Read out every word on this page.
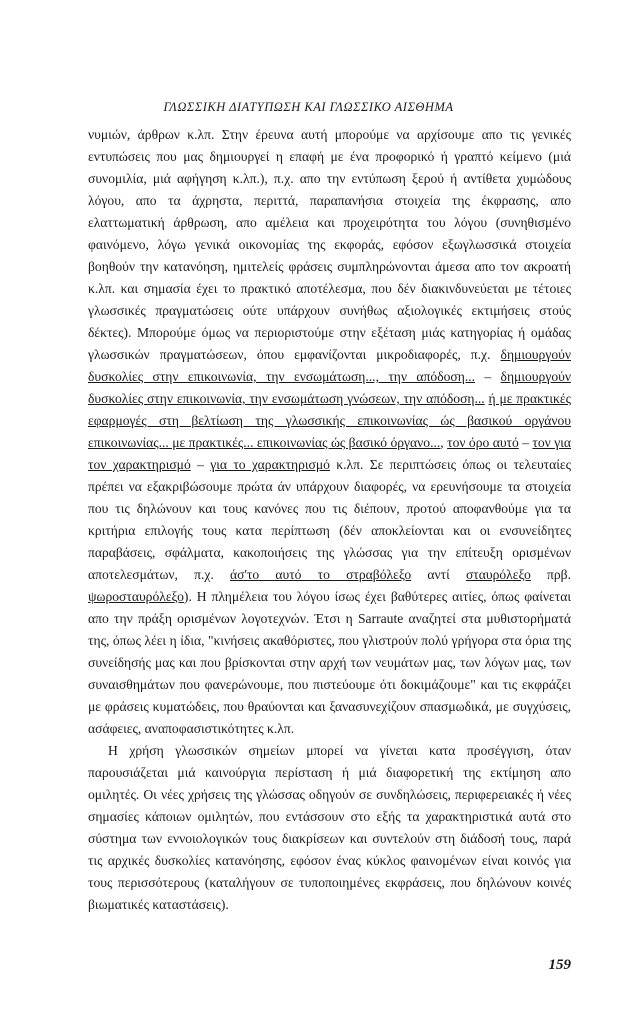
ΓΛΩΣΣΙΚΗ ΔΙΑΤΥΠΩΣΗ ΚΑΙ ΓΛΩΣΣΙΚΟ ΑΙΣΘΗΜΑ

νυμιών, άρθρων κ.λπ. Στην έρευνα αυτή μπορούμε να αρχίσουμε απο τις γενικές εντυπώσεις που μας δημιουργεί η επαφή με ένα προφορικό ή γραπτό κείμενο (μιά συνομιλία, μιά αφήγηση κ.λπ.), π.χ. απο την εντύπωση ξερού ή αντίθετα χυμώδους λόγου, απο τα άχρηστα, περιττά, παραπανήσια στοιχεία της έκφρασης, απο ελαττωματική άρθρωση, απο αμέλεια και προχειρότητα του λόγου (συνηθισμένο φαινόμενο, λόγω γενικά οικονομίας της εκφοράς, εφόσον εξωγλωσσικά στοιχεία βοηθούν την κατανόηση, ημιτελείς φράσεις συμπληρώνονται άμεσα απο τον ακροατή κ.λπ. και σημασία έχει το πρακτικό αποτέλεσμα, που δέν διακινδυνεύεται με τέτοιες γλωσσικές πραγματώσεις ούτε υπάρχουν συνήθως αξιολογικές εκτιμήσεις στούς δέκτες). Μπορούμε όμως να περιοριστούμε στην εξέταση μιάς κατηγορίας ή ομάδας γλωσσικών πραγματώσεων, όπου εμφανίζονται μικροδιαφορές, π.χ. δημιουργούν δυσκολίες στην επικοινωνία, την ενσωμάτωση..., την απόδοση... – δημιουργούν δυσκολίες στην επικοινωνία, την ενσωμάτωση γνώσεων, την απόδοση... ή με πρακτικές εφαρμογές στη βελτίωση της γλωσσικής επικοινωνίας ώς βασικού οργάνου επικοινωνίας... με πρακτικές... επικοινωνίας ώς βασικό όργανο..., τον όρο αυτό – τον για τον χαρακτηρισμό – για το χαρακτηρισμό κ.λπ. Σε περιπτώσεις όπως οι τελευταίες πρέπει να εξακριβώσουμε πρώτα άν υπάρχουν διαφορές, να ερευνήσουμε τα στοιχεία που τις δηλώνουν και τους κανόνες που τις διέπουν, προτού αποφανθούμε για τα κριτήρια επιλογής τους κατα περίπτωση (δέν αποκλείονται και οι ενσυνείδητες παραβάσεις, σφάλματα, κακοποιήσεις της γλώσσας για την επίτευξη ορισμένων αποτελεσμάτων, π.χ. άσ'το αυτό το στραβόλεξο αντί σταυρόλεξο πρβ. ψωροσταυρόλεξο). Η πλημέλεια του λόγου ίσως έχει βαθύτερες αιτίες, όπως φαίνεται απο την πράξη ορισμένων λογοτεχνών. Έτσι η Sarraute αναζητεί στα μυθιστορήματά της, όπως λέει η ίδια, "κινήσεις ακαθόριστες, που γλιστρούν πολύ γρήγορα στα όρια της συνείδησής μας και που βρίσκονται στην αρχή των νευμάτων μας, των λόγων μας, των συναισθημάτων που φανερώνουμε, που πιστεύουμε ότι δοκιμάζουμε" και τις εκφράζει με φράσεις κυματώδεις, που θραύονται και ξανασυνεχίζουν σπασμωδικά, με συγχύσεις, ασάφειες, αναποφασιστικότητες κ.λπ.

Η χρήση γλωσσικών σημείων μπορεί να γίνεται κατα προσέγγιση, όταν παρουσιάζεται μιά καινούργια περίσταση ή μιά διαφορετική της εκτίμηση απο ομιλητές. Οι νέες χρήσεις της γλώσσας οδηγούν σε συνδηλώσεις, περιφερειακές ή νέες σημασίες κάποιων ομιλητών, που εντάσσουν στο εξής τα χαρακτηριστικά αυτά στο σύστημα των εννοιολογικών τους διακρίσεων και συντελούν στη διάδοσή τους, παρά τις αρχικές δυσκολίες κατανόησης, εφόσον ένας κύκλος φαινομένων είναι κοινός για τους περισσότερους (καταλήγουν σε τυποποιημένες εκφράσεις, που δηλώνουν κοινές βιωματικές καταστάσεις).

159
